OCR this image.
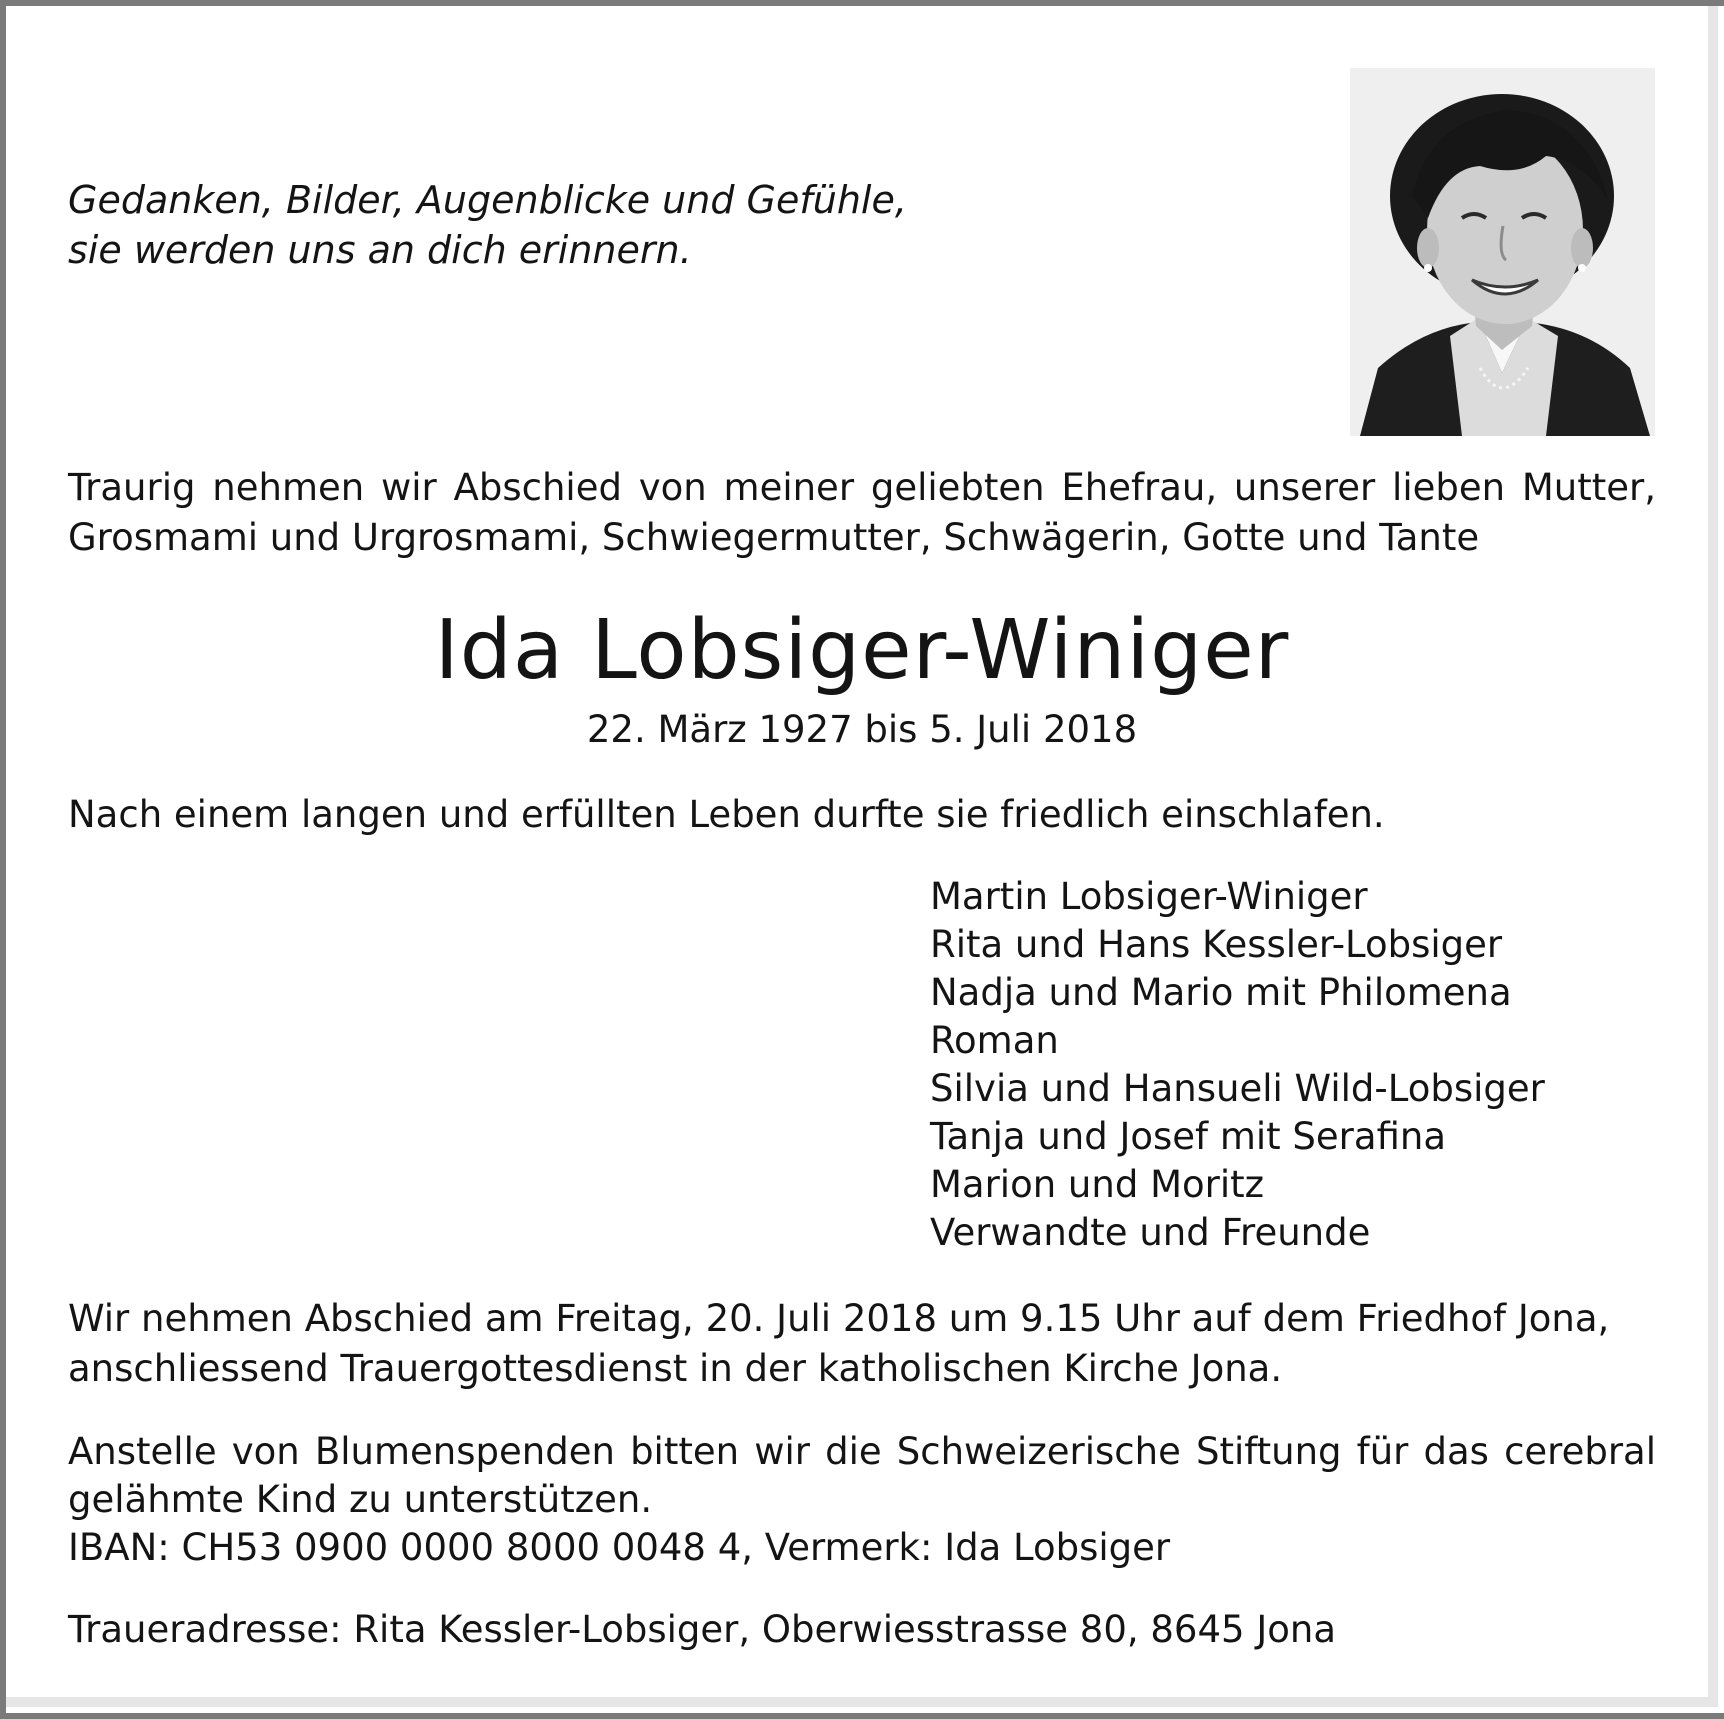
Gedanken, Bilder, Augenblicke und Gefühle,
sie werden uns an dich erinnern.
Traurig nehmen wir Abschied von meiner geliebten Ehefrau, unserer lieben Mutter, Grosmami und Urgrosmami, Schwiegermutter, Schwägerin, Gotte und Tante
Ida Lobsiger-Winiger
22. März 1927 bis 5. Juli 2018
Nach einem langen und erfüllten Leben durfte sie friedlich einschlafen.
Martin Lobsiger-Winiger
Rita und Hans Kessler-Lobsiger
Nadja und Mario mit Philomena
Roman
Silvia und Hansueli Wild-Lobsiger
Tanja und Josef mit Serafina
Marion und Moritz
Verwandte und Freunde
Wir nehmen Abschied am Freitag, 20. Juli 2018 um 9.15 Uhr auf dem Friedhof Jona, anschliessend Trauergottesdienst in der katholischen Kirche Jona.
Anstelle von Blumenspenden bitten wir die Schweizerische Stiftung für das cerebral gelähmte Kind zu unterstützen.
IBAN: CH53 0900 0000 8000 0048 4, Vermerk: Ida Lobsiger
Traueradresse: Rita Kessler-Lobsiger, Oberwiesstrasse 80, 8645 Jona
